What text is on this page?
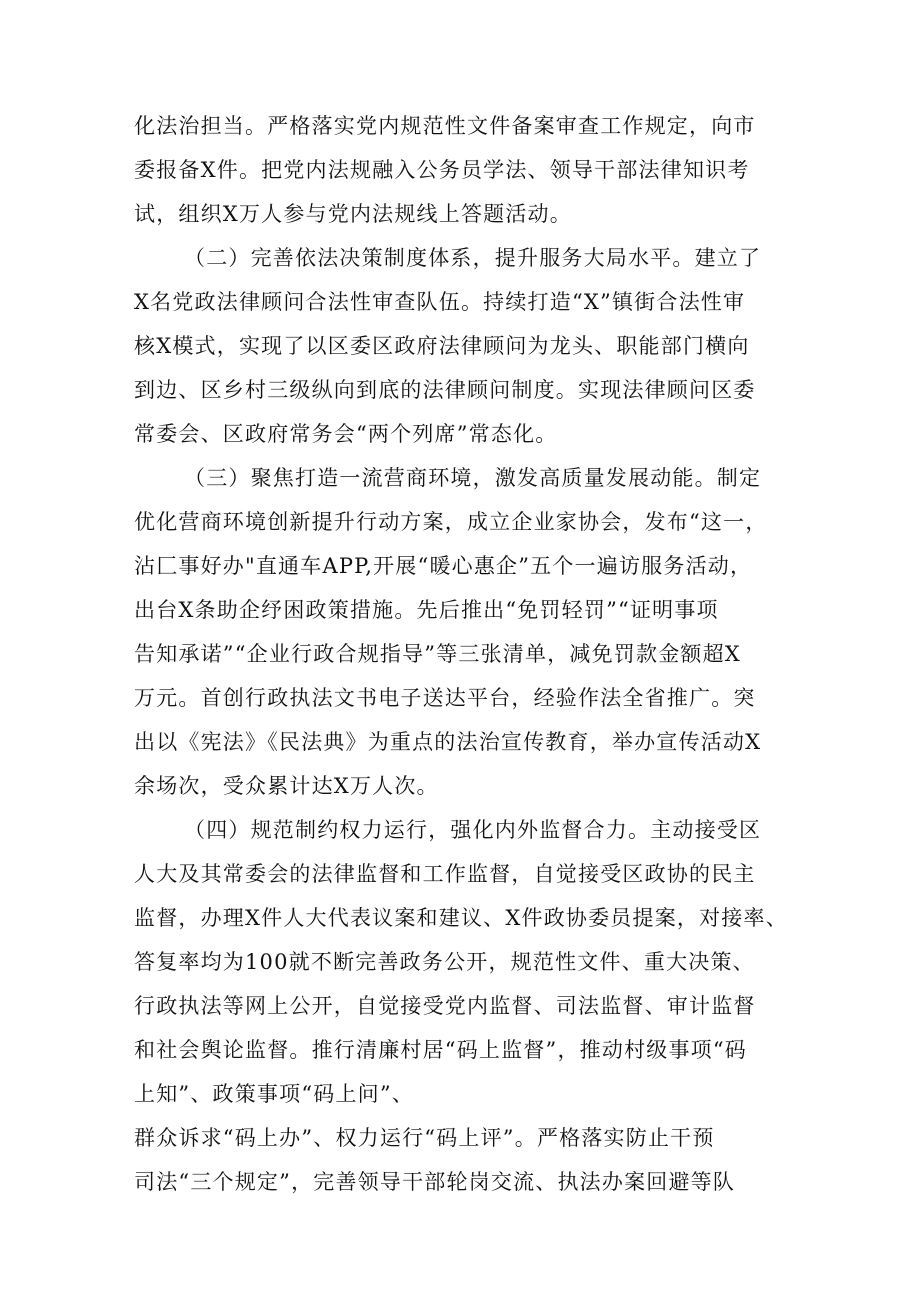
化法治担当。严格落实党内规范性文件备案审查工作规定，向市
委报备X件。把党内法规融入公务员学法、领导干部法律知识考
试，组织X万人参与党内法规线上答题活动。
（二）完善依法决策制度体系，提升服务大局水平。建立了
X名党政法律顾问合法性审查队伍。持续打造“X”镇街合法性审
核X模式，实现了以区委区政府法律顾问为龙头、职能部门横向
到边、区乡村三级纵向到底的法律顾问制度。实现法律顾问区委
常委会、区政府常务会“两个列席”常态化。
（三）聚焦打造一流营商环境，激发高质量发展动能。制定
优化营商环境创新提升行动方案，成立企业家协会，发布“这一，
沾匚事好办"直通车APP,开展“暖心惠企”五个一遍访服务活动，
出台X条助企纾困政策措施。先后推出“免罚轻罚”“证明事项
告知承诺”“企业行政合规指导”等三张清单，减免罚款金额超X
万元。首创行政执法文书电子送达平台，经验作法全省推广。突
出以《宪法》《民法典》为重点的法治宣传教育，举办宣传活动X
余场次，受众累计达X万人次。
（四）规范制约权力运行，强化内外监督合力。主动接受区
人大及其常委会的法律监督和工作监督，自觉接受区政协的民主
监督，办理X件人大代表议案和建议、X件政协委员提案，对接率、
答复率均为100就不断完善政务公开，规范性文件、重大决策、
行政执法等网上公开，自觉接受党内监督、司法监督、审计监督
和社会舆论监督。推行清廉村居“码上监督”，推动村级事项“码
上知”、政策事项“码上问”、
群众诉求“码上办”、权力运行“码上评”。严格落实防止干预
司法“三个规定”，完善领导干部轮岗交流、执法办案回避等队
